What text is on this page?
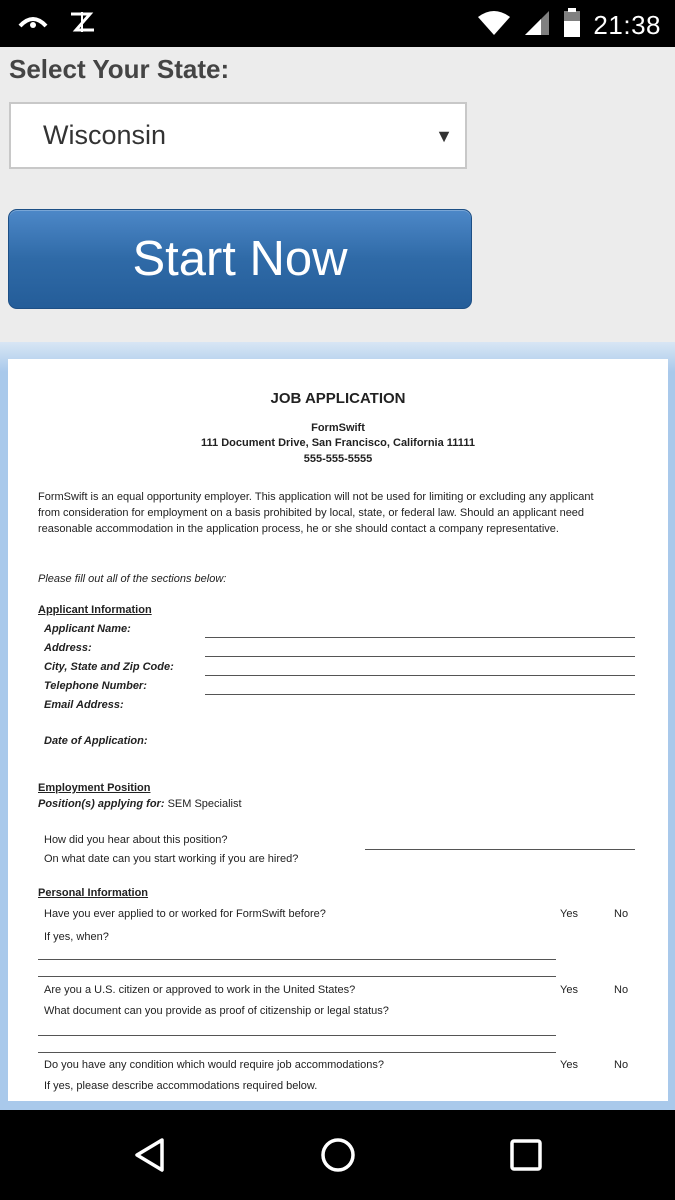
21:38
Select Your State:
Wisconsin	▼
Start Now
JOB APPLICATION
FormSwift
111 Document Drive, San Francisco, California 11111
555-555-5555
FormSwift is an equal opportunity employer. This application will not be used for limiting or excluding any applicant from consideration for employment on a basis prohibited by local, state, or federal law. Should an applicant need reasonable accommodation in the application process, he or she should contact a company representative.
Please fill out all of the sections below:
Applicant Information
Applicant Name:
Address:
City, State and Zip Code:
Telephone Number:
Email Address:
Date of Application:
Employment Position
Position(s) applying for: SEM Specialist
How did you hear about this position?
On what date can you start working if you are hired?
Personal Information
Have you ever applied to or worked for FormSwift before?	Yes	No
If yes, when?
Are you a U.S. citizen or approved to work in the United States?	Yes	No
What document can you provide as proof of citizenship or legal status?
Do you have any condition which would require job accommodations?	Yes	No
If yes, please describe accommodations required below.
